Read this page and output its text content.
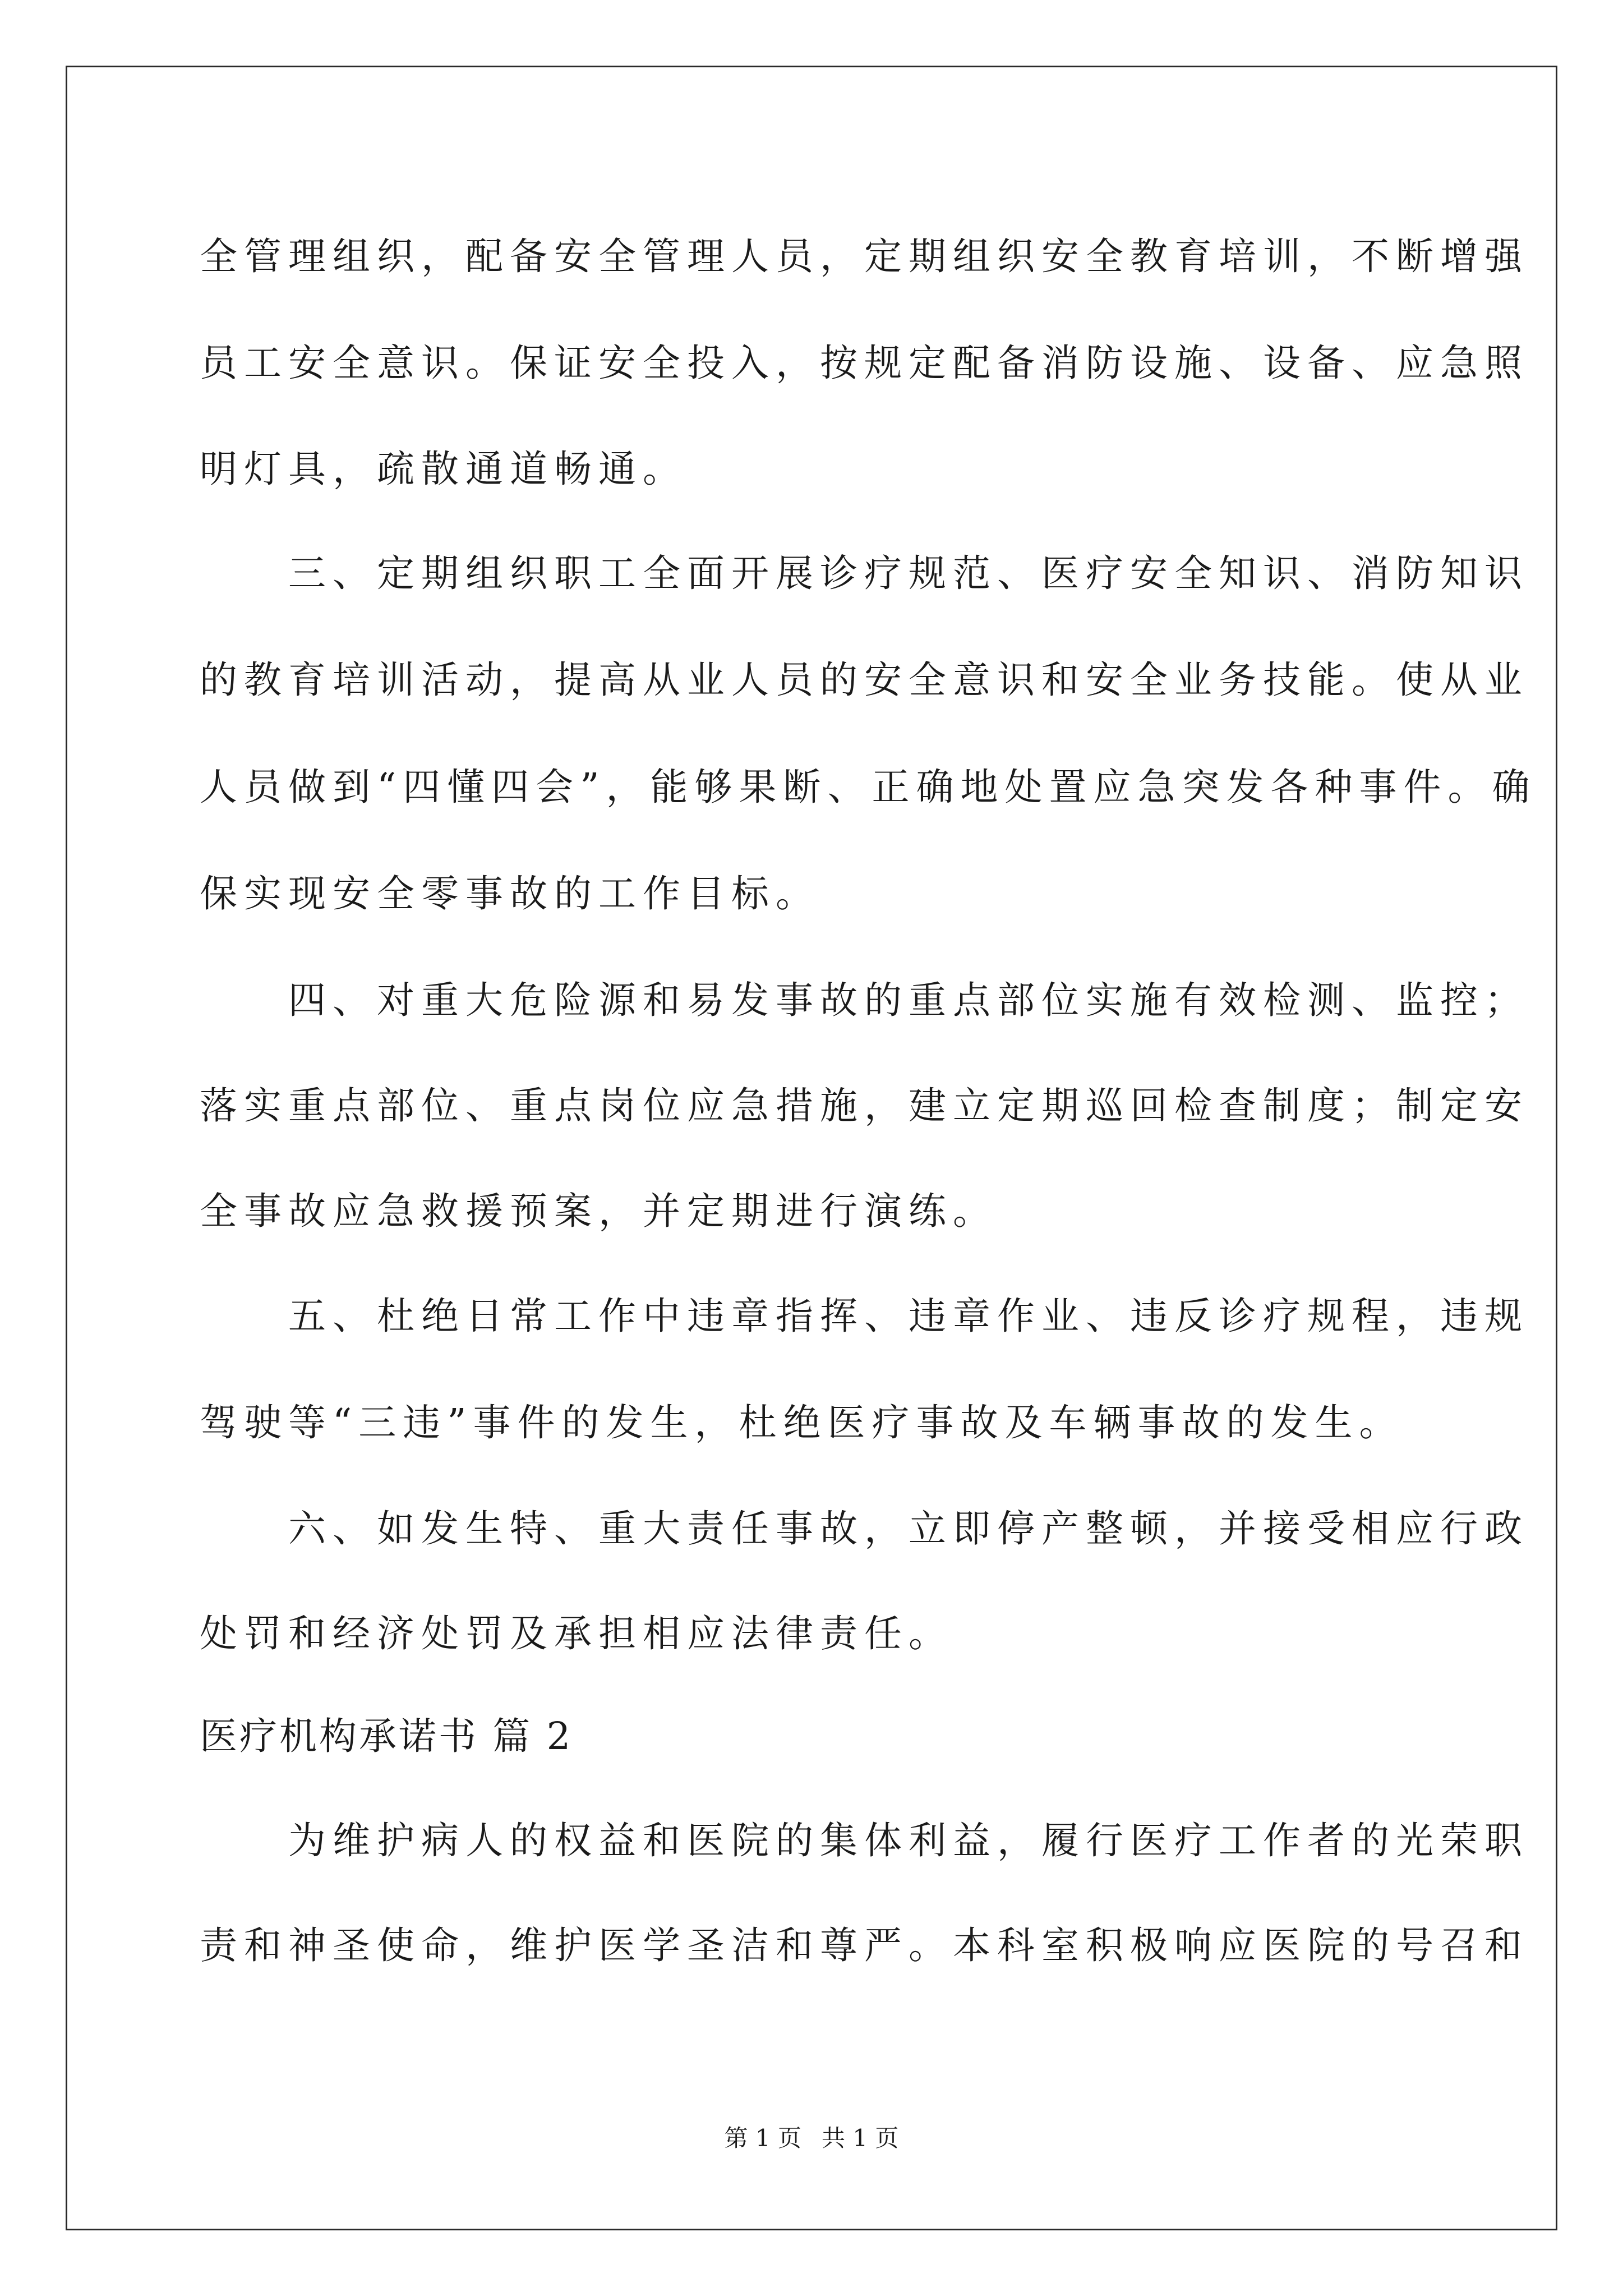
全管理组织，配备安全管理人员，定期组织安全教育培训，不断增强
员工安全意识。保证安全投入，按规定配备消防设施、设备、应急照
明灯具，疏散通道畅通。
　　三、定期组织职工全面开展诊疗规范、医疗安全知识、消防知识
的教育培训活动，提高从业人员的安全意识和安全业务技能。使从业
人员做到“四懂四会”，能够果断、正确地处置应急突发各种事件。确
保实现安全零事故的工作目标。
　　四、对重大危险源和易发事故的重点部位实施有效检测、监控；
落实重点部位、重点岗位应急措施，建立定期巡回检查制度；制定安
全事故应急救援预案，并定期进行演练。
　　五、杜绝日常工作中违章指挥、违章作业、违反诊疗规程，违规
驾驶等“三违”事件的发生，杜绝医疗事故及车辆事故的发生。
　　六、如发生特、重大责任事故，立即停产整顿，并接受相应行政
处罚和经济处罚及承担相应法律责任。
医疗机构承诺书 篇 2
　　为维护病人的权益和医院的集体利益，履行医疗工作者的光荣职
责和神圣使命，维护医学圣洁和尊严。本科室积极响应医院的号召和
第 1 页 共 1 页
